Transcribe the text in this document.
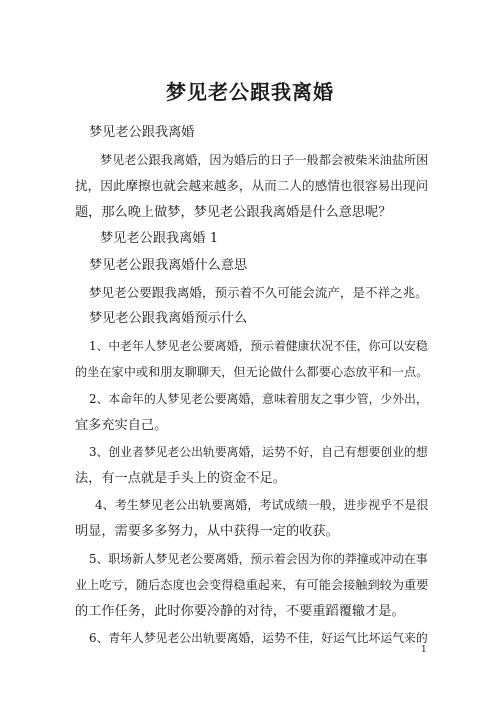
梦见老公跟我离婚
梦见老公跟我离婚
梦见老公跟我离婚，因为婚后的日子一般都会被柴米油盐所困
扰，因此摩擦也就会越来越多，从而二人的感情也很容易出现问
题，那么晚上做梦，梦见老公跟我离婚是什么意思呢？
梦见老公跟我离婚 1
梦见老公跟我离婚什么意思
梦见老公要跟我离婚，预示着不久可能会流产，是不祥之兆。
梦见老公跟我离婚预示什么
1、中老年人梦见老公要离婚，预示着健康状况不佳，你可以安稳
的坐在家中或和朋友聊聊天，但无论做什么都要心态放平和一点。
2、本命年的人梦见老公要离婚，意味着朋友之事少管，少外出，
宜多充实自己。
3、创业者梦见老公出轨要离婚，运势不好，自己有想要创业的想
法，有一点就是手头上的资金不足。
4、考生梦见老公出轨要离婚，考试成绩一般，进步视乎不是很
明显，需要多多努力，从中获得一定的收获。
5、职场新人梦见老公要离婚，预示着会因为你的莽撞或冲动在事
业上吃亏，随后态度也会变得稳重起来，有可能会接触到较为重要
的工作任务，此时你要冷静的对待，不要重蹈覆辙才是。
6、青年人梦见老公出轨要离婚，运势不佳，好运气比坏运气来的
1
